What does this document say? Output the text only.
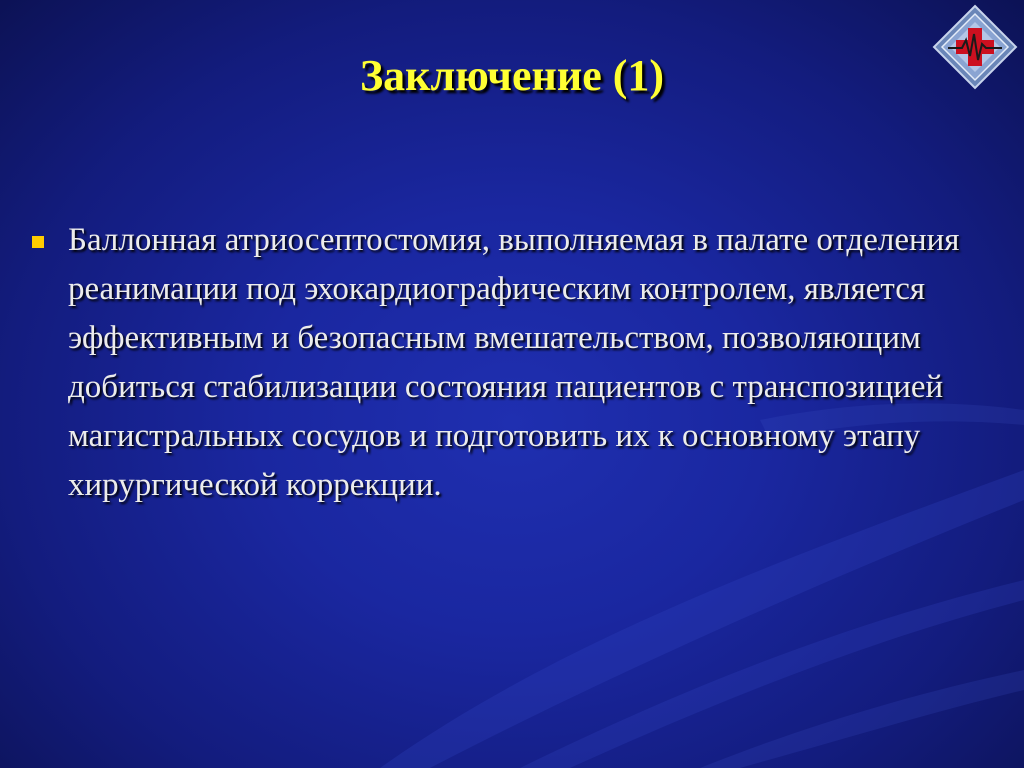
Заключение (1)
Баллонная атриосептостомия, выполняемая в палате отделения реанимации под эхокардиографическим контролем, является эффективным и безопасным вмешательством, позволяющим добиться стабилизации состояния пациентов с транспозицией магистральных сосудов и подготовить их к основному этапу хирургической коррекции.
